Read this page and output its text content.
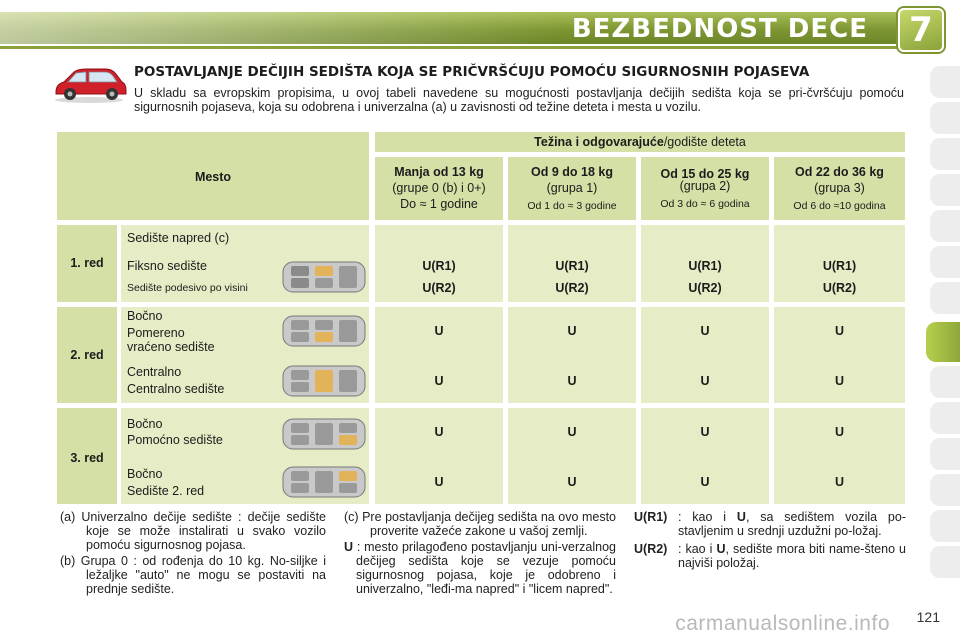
BEZBEDNOST DECE	7
POSTAVLJANJE DEČIJIH SEDIŠTA KOJA SE PRIČVRŠĆUJU POMOĆU SIGURNOSNIH POJASEVA
U skladu sa evropskim propisima, u ovoj tabeli navedene su mogućnosti postavljanja dečijih sedišta koja se pri-čvršćuju pomoću sigurnosnih pojaseva, koja su odobrena i univerzalna (a) u zavisnosti od težine deteta i mesta u vozilu.
Mesto
Težina i odgovarajuće/godište deteta
Manja od 13 kg
(grupe 0 (b) i 0+)
Do ≈ 1 godine
Od 9 do 18 kg
(grupa 1)
Od 1 do ≈ 3 godine
Od 15 do 25 kg
(grupa 2)
Od 3 do ≈ 6 godina
Od 22 do 36 kg
(grupa 3)
Od 6 do ≈10 godina
1. red
Sedište napred (c)
Fiksno sedište
Sedište podesivo po visini
U(R1)
U(R2)
U(R1)
U(R2)
U(R1)
U(R2)
U(R1)
U(R2)
2. red
Bočno
Pomereno
vraćeno sedište
Centralno
Centralno sedište
U
U
U
U
U
U
U
U
3. red
Bočno
Pomoćno sedište
Bočno
Sedište 2. red
U
U
U
U
U
U
U
U
(a) Univerzalno dečije sedište : dečije sedište koje se može instalirati u svako vozilo pomoću sigurnosnog pojasa.
(b) Grupa 0 : od rođenja do 10 kg. No-siljke i ležaljke "auto" ne mogu se postaviti na prednje sedište.
(c) Pre postavljanja dečijeg sedišta na ovo mesto proverite važeće zakone u vašoj zemlji.
U : mesto prilagođeno postavljanju uni-verzalnog dečijeg sedišta koje se vezuje pomoću sigurnosnog pojasa, koje je odobreno i univerzalno, "leđi-ma napred" i "licem napred".
U(R1) : kao i U, sa sedištem vozila po-stavljenim u srednji uzdužni po-ložaj.
U(R2) : kao i U, sedište mora biti name-šteno u najviši položaj.
carmanualsonline.info 121
